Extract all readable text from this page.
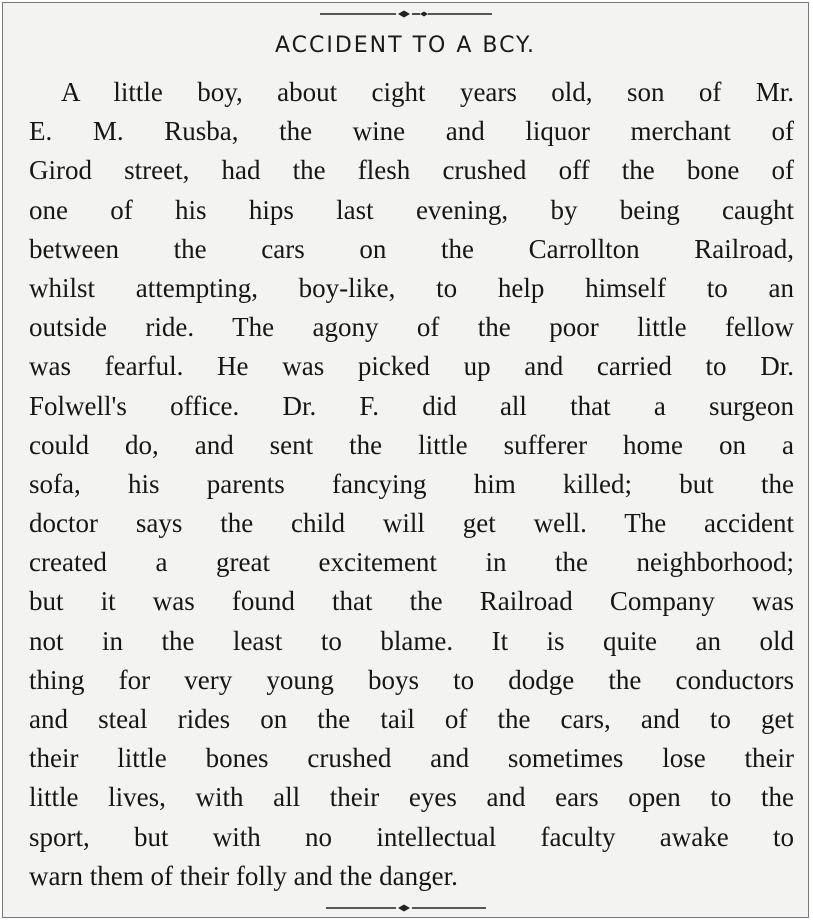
ACCIDENT TO A BCY.
A little boy, about cight years old, son of Mr.
E. M. Rusba, the wine and liquor merchant of
Girod street, had the flesh crushed off the bone of
one of his hips last evening, by being caught
between the cars on the Carrollton Railroad,
whilst attempting, boy-like, to help himself to an
outside ride. The agony of the poor little fellow
was fearful. He was picked up and carried to Dr.
Folwell's office. Dr. F. did all that a surgeon
could do, and sent the little sufferer home on a
sofa, his parents fancying him killed; but the
doctor says the child will get well. The accident
created a great excitement in the neighborhood;
but it was found that the Railroad Company was
not in the least to blame. It is quite an old
thing for very young boys to dodge the conductors
and steal rides on the tail of the cars, and to get
their little bones crushed and sometimes lose their
little lives, with all their eyes and ears open to the
sport, but with no intellectual faculty awake to
warn them of their folly and the danger.
